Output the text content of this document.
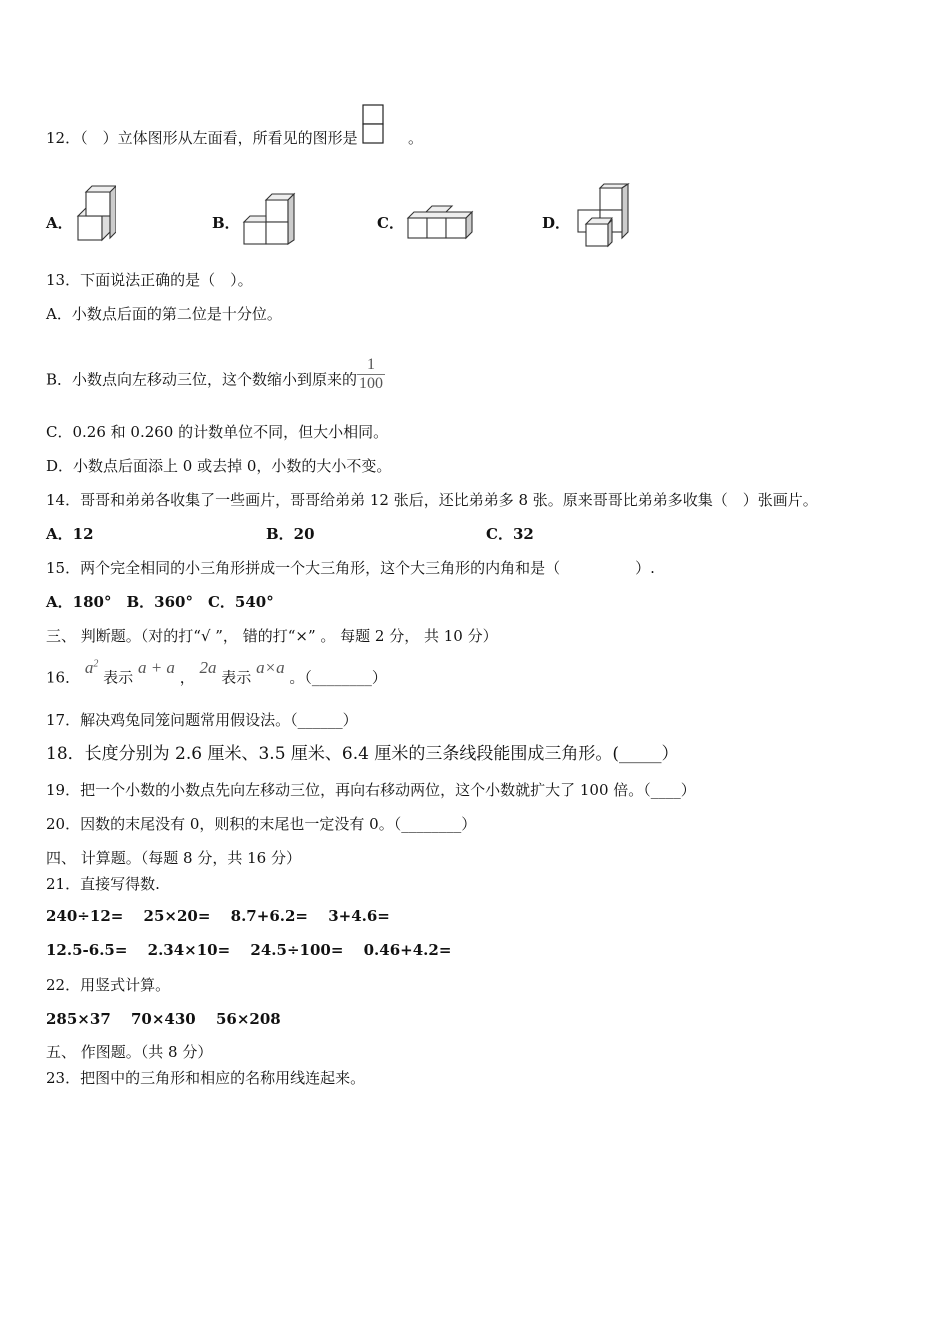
12．（　）立体图形从左面看，所看见的图形是	。
A．	B．	C．	D．
13．下面说法正确的是（　）。
A．小数点后面的第二位是十分位。
B．小数点向左移动三位，这个数缩小到原来的 $\frac{1}{100}$
C．0.26 和 0.260 的计数单位不同，但大小相同。
D．小数点后面添上 0 或去掉 0，小数的大小不变。
14．哥哥和弟弟各收集了一些画片，哥哥给弟弟 12 张后，还比弟弟多 8 张。原来哥哥比弟弟多收集（　）张画片。
A．12	B．20	C．32
15．两个完全相同的小三角形拼成一个大三角形，这个大三角形的内角和是（　　　　　）.
A．180°　B．360°　C．540°
三、 判断题。（对的打“√ ”， 错的打“×” 。 每题 2 分， 共 10 分）
16． $a^2$ 表示 a + a ， 2a 表示 a×a 。（________）
17．解决鸡兔同笼问题常用假设法。（______）
18．长度分别为 2.6 厘米、3.5 厘米、6.4 厘米的三条线段能围成三角形。(_____）
19．把一个小数的小数点先向左移动三位，再向右移动两位，这个小数就扩大了 100 倍。（____）
20．因数的末尾没有 0，则积的末尾也一定没有 0。（________）
四、 计算题。（每题 8 分，共 16 分）
21．直接写得数.
240÷12=　 25×20=　 8.7+6.2=　 3+4.6=
12.5-6.5=　 2.34×10=　 24.5÷100=　 0.46+4.2=
22．用竖式计算。
285×37　 70×430　 56×208
五、 作图题。（共 8 分）
23．把图中的三角形和相应的名称用线连起来。
